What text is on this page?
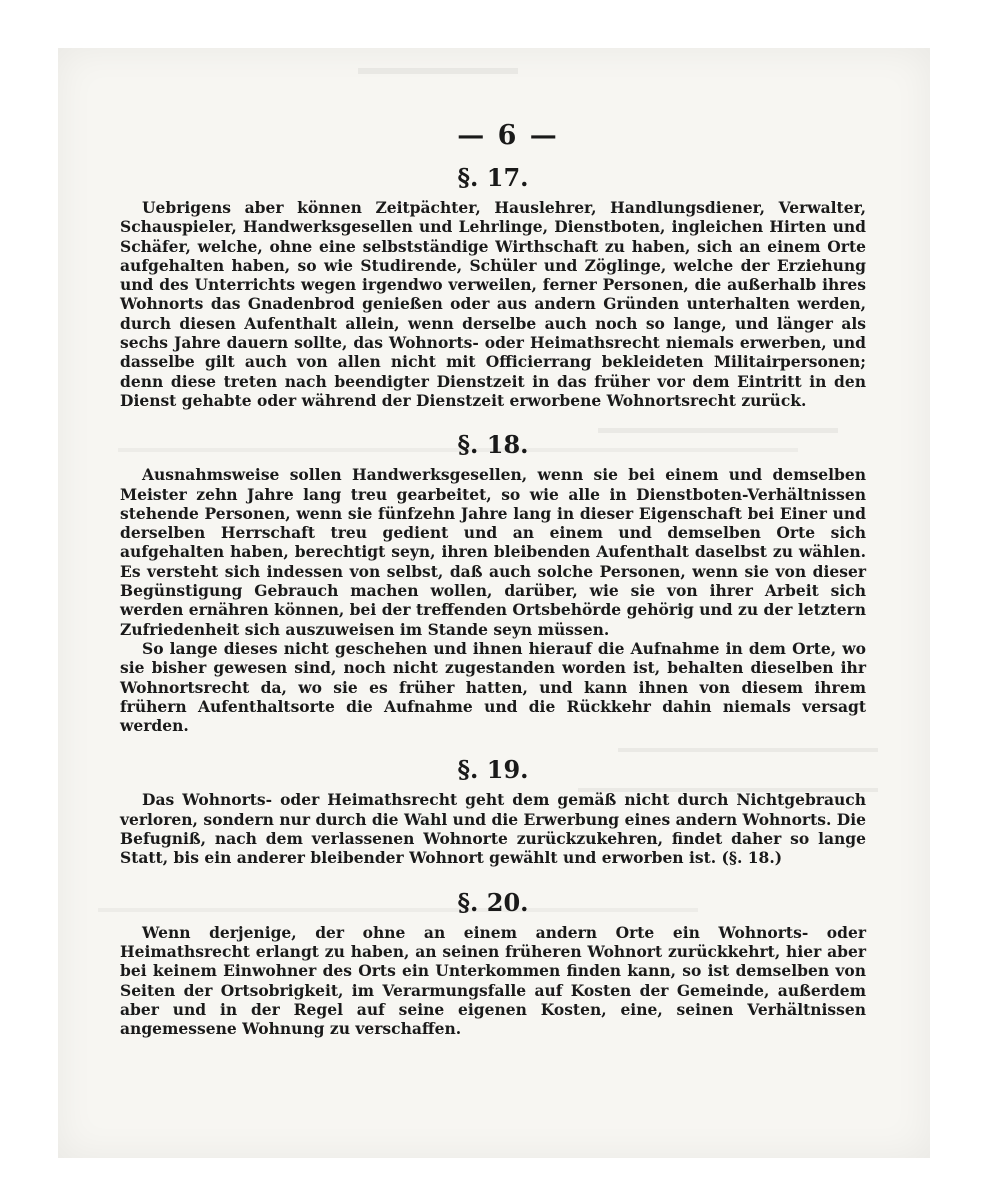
— 6 —
§. 17.

Uebrigens aber können Zeitpächter, Hauslehrer, Handlungsdiener, Verwalter, Schauspieler, Handwerksgesellen und Lehrlinge, Dienstboten, ingleichen Hirten und Schäfer, welche, ohne eine selbstständige Wirthschaft zu haben, sich an einem Orte aufgehalten haben, so wie Studirende, Schüler und Zöglinge, welche der Erziehung und des Unterrichts wegen irgendwo verweilen, ferner Personen, die außerhalb ihres Wohnorts das Gnadenbrod genießen oder aus andern Gründen unterhalten werden, durch diesen Aufenthalt allein, wenn derselbe auch noch so lange, und länger als sechs Jahre dauern sollte, das Wohnorts- oder Heimathsrecht niemals erwerben, und dasselbe gilt auch von allen nicht mit Officierrang bekleideten Militairpersonen; denn diese treten nach beendigter Dienstzeit in das früher vor dem Eintritt in den Dienst gehabte oder während der Dienstzeit erworbene Wohnortsrecht zurück.

§. 18.

Ausnahmsweise sollen Handwerksgesellen, wenn sie bei einem und demselben Meister zehn Jahre lang treu gearbeitet, so wie alle in Dienstboten-Verhältnissen stehende Personen, wenn sie fünfzehn Jahre lang in dieser Eigenschaft bei Einer und derselben Herrschaft treu gedient und an einem und demselben Orte sich aufgehalten haben, berechtigt seyn, ihren bleibenden Aufenthalt daselbst zu wählen. Es versteht sich indessen von selbst, daß auch solche Personen, wenn sie von dieser Begünstigung Gebrauch machen wollen, darüber, wie sie von ihrer Arbeit sich werden ernähren können, bei der treffenden Ortsbehörde gehörig und zu der letztern Zufriedenheit sich auszuweisen im Stande seyn müssen.

So lange dieses nicht geschehen und ihnen hierauf die Aufnahme in dem Orte, wo sie bisher gewesen sind, noch nicht zugestanden worden ist, behalten dieselben ihr Wohnortsrecht da, wo sie es früher hatten, und kann ihnen von diesem ihrem frühern Aufenthaltsorte die Aufnahme und die Rückkehr dahin niemals versagt werden.

§. 19.

Das Wohnorts- oder Heimathsrecht geht dem gemäß nicht durch Nichtgebrauch verloren, sondern nur durch die Wahl und die Erwerbung eines andern Wohnorts. Die Befugniß, nach dem verlassenen Wohnorte zurückzukehren, findet daher so lange Statt, bis ein anderer bleibender Wohnort gewählt und erworben ist. (§. 18.)

§. 20.

Wenn derjenige, der ohne an einem andern Orte ein Wohnorts- oder Heimathsrecht erlangt zu haben, an seinen früheren Wohnort zurückkehrt, hier aber bei keinem Einwohner des Orts ein Unterkommen finden kann, so ist demselben von Seiten der Ortsobrigkeit, im Verarmungsfalle auf Kosten der Gemeinde, außerdem aber und in der Regel auf seine eigenen Kosten, eine, seinen Verhältnissen angemessene Wohnung zu verschaffen.
